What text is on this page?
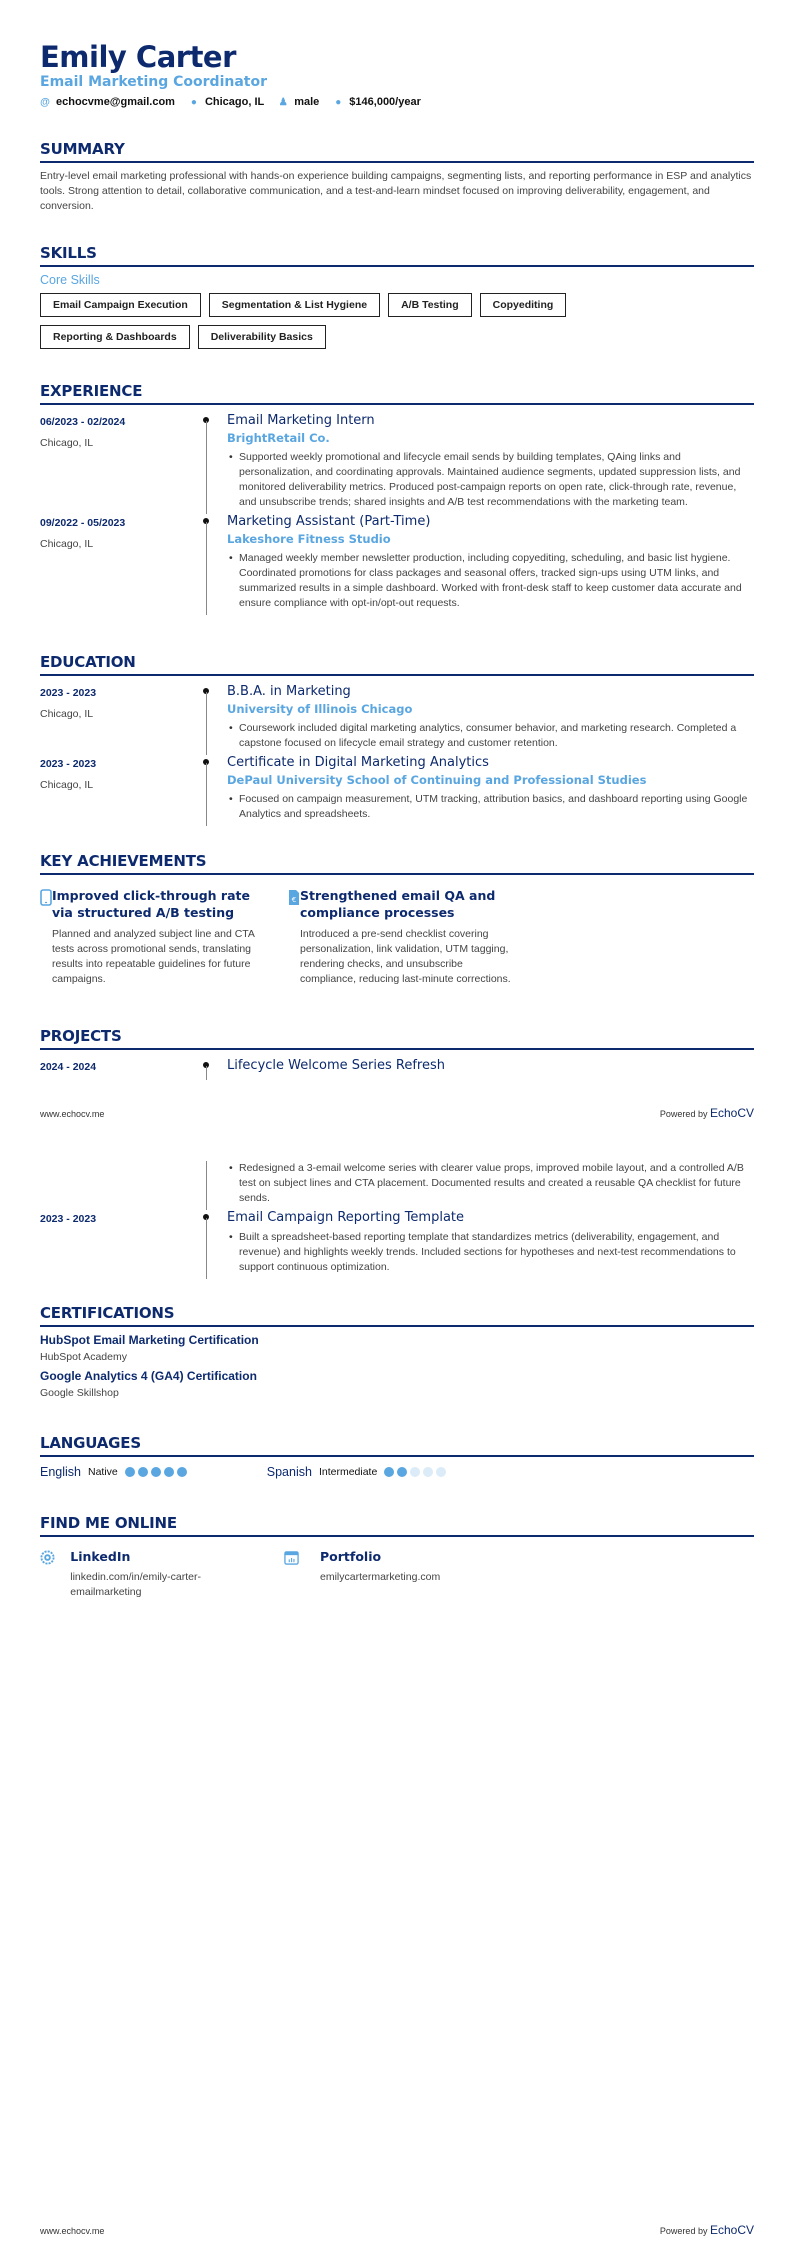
Emily Carter
Email Marketing Coordinator
@ echocvme@gmail.com ● Chicago, IL ♟ male ● $146,000/year
SUMMARY
Entry-level email marketing professional with hands-on experience building campaigns, segmenting lists, and reporting performance in ESP and analytics tools. Strong attention to detail, collaborative communication, and a test-and-learn mindset focused on improving deliverability, engagement, and conversion.
SKILLS
Core Skills
Email Campaign Execution	Segmentation & List Hygiene	A/B Testing	Copyediting
Reporting & Dashboards	Deliverability Basics
EXPERIENCE
06/2023 - 02/2024
Chicago, IL
Email Marketing Intern
BrightRetail Co.
• Supported weekly promotional and lifecycle email sends by building templates, QAing links and personalization, and coordinating approvals. Maintained audience segments, updated suppression lists, and monitored deliverability metrics. Produced post-campaign reports on open rate, click-through rate, revenue, and unsubscribe trends; shared insights and A/B test recommendations with the marketing team.
09/2022 - 05/2023
Chicago, IL
Marketing Assistant (Part-Time)
Lakeshore Fitness Studio
• Managed weekly member newsletter production, including copyediting, scheduling, and basic list hygiene. Coordinated promotions for class packages and seasonal offers, tracked sign-ups using UTM links, and summarized results in a simple dashboard. Worked with front-desk staff to keep customer data accurate and ensure compliance with opt-in/opt-out requests.
EDUCATION
2023 - 2023
Chicago, IL
B.B.A. in Marketing
University of Illinois Chicago
• Coursework included digital marketing analytics, consumer behavior, and marketing research. Completed a capstone focused on lifecycle email strategy and customer retention.
2023 - 2023
Chicago, IL
Certificate in Digital Marketing Analytics
DePaul University School of Continuing and Professional Studies
• Focused on campaign measurement, UTM tracking, attribution basics, and dashboard reporting using Google Analytics and spreadsheets.
KEY ACHIEVEMENTS
Improved click-through rate via structured A/B testing
Planned and analyzed subject line and CTA tests across promotional sends, translating results into repeatable guidelines for future campaigns.
€ Strengthened email QA and compliance processes
Introduced a pre-send checklist covering personalization, link validation, UTM tagging, rendering checks, and unsubscribe compliance, reducing last-minute corrections.
PROJECTS
2024 - 2024	Lifecycle Welcome Series Refresh
www.echocv.me	Powered by EchoCV
• Redesigned a 3-email welcome series with clearer value props, improved mobile layout, and a controlled A/B test on subject lines and CTA placement. Documented results and created a reusable QA checklist for future sends.
2023 - 2023	Email Campaign Reporting Template
• Built a spreadsheet-based reporting template that standardizes metrics (deliverability, engagement, and revenue) and highlights weekly trends. Included sections for hypotheses and next-test recommendations to support continuous optimization.
CERTIFICATIONS
HubSpot Email Marketing Certification
HubSpot Academy
Google Analytics 4 (GA4) Certification
Google Skillshop
LANGUAGES
English Native	Spanish Intermediate
FIND ME ONLINE
LinkedIn
linkedin.com/in/emily-carter-emailmarketing
Portfolio
emilycartermarketing.com
www.echocv.me	Powered by EchoCV
